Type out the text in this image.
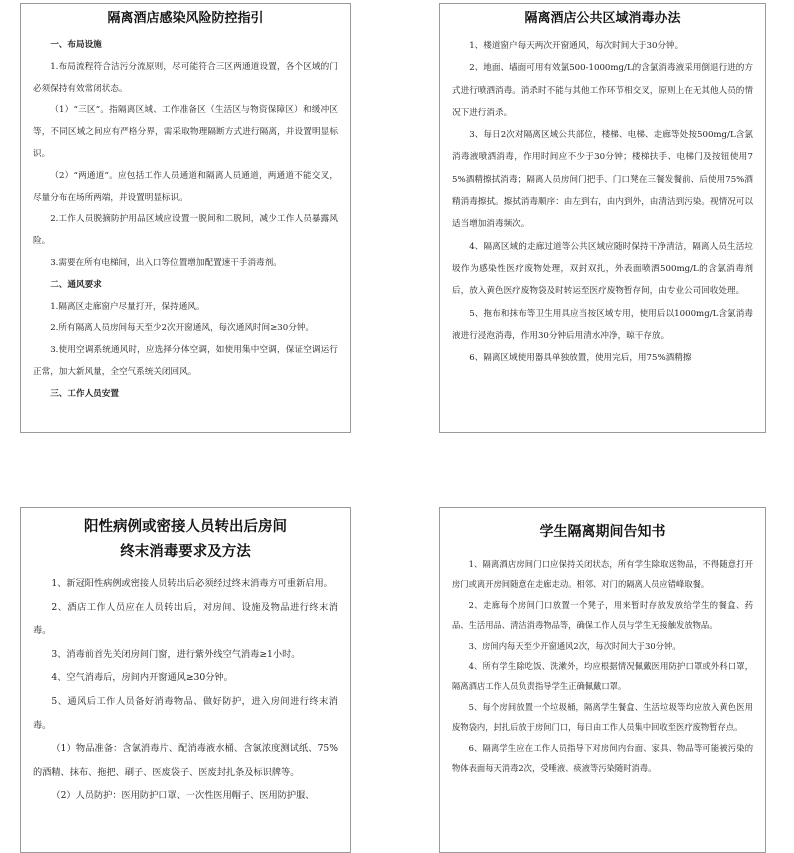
隔离酒店感染风险防控指引

一、布局设施

1.布局流程符合洁污分流原则，尽可能符合三区两通道设置，各个区域的门必须保持有效常闭状态。

（1）“三区”。指隔离区域、工作准备区（生活区与物资保障区）和缓冲区等，不同区域之间应有严格分界，需采取物理隔断方式进行隔离，并设置明显标识。

（2）“两通道”。应包括工作人员通道和隔离人员通道，两通道不能交叉，尽量分布在场所两端，并设置明显标识。

2.工作人员脱摘防护用品区域应设置一脱间和二脱间，减少工作人员暴露风险。

3.需要在所有电梯间，出入口等位置增加配置速干手消毒剂。

二、通风要求

1.隔离区走廊窗户尽量打开，保持通风。

2.所有隔离人员房间每天至少2次开窗通风，每次通风时间≥30分钟。

3.使用空调系统通风时，应选择分体空调，如使用集中空调，保证空调运行正常，加大新风量，全空气系统关闭回风。

三、工作人员安置

隔离酒店公共区域消毒办法

1、楼道窗户每天两次开窗通风，每次时间大于30分钟。

2、地面、墙面可用有效氯500-1000mg/L的含氯消毒液采用倒退行进的方式进行喷洒消毒。消杀时不能与其他工作环节相交叉，原则上在无其他人员的情况下进行消杀。

3、每日2次对隔离区域公共部位，楼梯、电梯、走廊等处按500mg/L含氯消毒液喷洒消毒，作用时间应不少于30分钟；楼梯扶手、电梯门及按钮使用75%酒精擦拭消毒；隔离人员房间门把手、门口凳在三餐发餐前、后使用75%酒精消毒擦拭。擦拭消毒顺序：由左到右，由内到外，由清洁到污染。视情况可以适当增加消毒频次。

4、隔离区域的走廊过道等公共区域应随时保持干净清洁，隔离人员生活垃圾作为感染性医疗废物处理，双封双扎，外表面喷洒500mg/L的含氯消毒剂后，放入黄色医疗废物袋及时转运至医疗废物暂存间，由专业公司回收处理。

5、拖布和抹布等卫生用具应当按区域专用，使用后以1000mg/L含氯消毒液进行浸泡消毒，作用30分钟后用清水冲净，晾干存放。

6、隔离区域使用器具单独放置，使用完后，用75%酒精擦

阳性病例或密接人员转出后房间
终末消毒要求及方法

1、新冠阳性病例或密接人员转出后必须经过终末消毒方可重新启用。

2、酒店工作人员应在人员转出后，对房间、设施及物品进行终末消毒。

3、消毒前首先关闭房间门窗，进行紫外线空气消毒≥1小时。

4、空气消毒后，房间内开窗通风≥30分钟。

5、通风后工作人员备好消毒物品、做好防护，进入房间进行终末消毒。

（1）物品准备：含氯消毒片、配消毒液水桶、含氯浓度测试纸、75%的酒精、抹布、拖把、刷子、医废袋子、医废封扎条及标识牌等。

（2）人员防护：医用防护口罩、一次性医用帽子、医用防护服、

学生隔离期间告知书

1、隔离酒店房间门口应保持关闭状态，所有学生除取送物品，不得随意打开房门或离开房间随意在走廊走动。相邻、对门的隔离人员应错峰取餐。

2、走廊每个房间门口放置一个凳子，用来暂时存放发放给学生的餐盒、药品、生活用品、清洁消毒物品等，确保工作人员与学生无接触发放物品。

3、房间内每天至少开窗通风2次，每次时间大于30分钟。

4、所有学生除吃饭、洗漱外，均应根据情况佩戴医用防护口罩或外科口罩，隔离酒店工作人员负责指导学生正确佩戴口罩。

5、每个房间放置一个垃圾桶，隔离学生餐盒、生活垃圾等均应放入黄色医用废物袋内，封扎后放于房间门口，每日由工作人员集中回收至医疗废物暂存点。

6、隔离学生应在工作人员指导下对房间内台面、家具、物品等可能被污染的物体表面每天消毒2次，受唾液、痰液等污染随时消毒。
